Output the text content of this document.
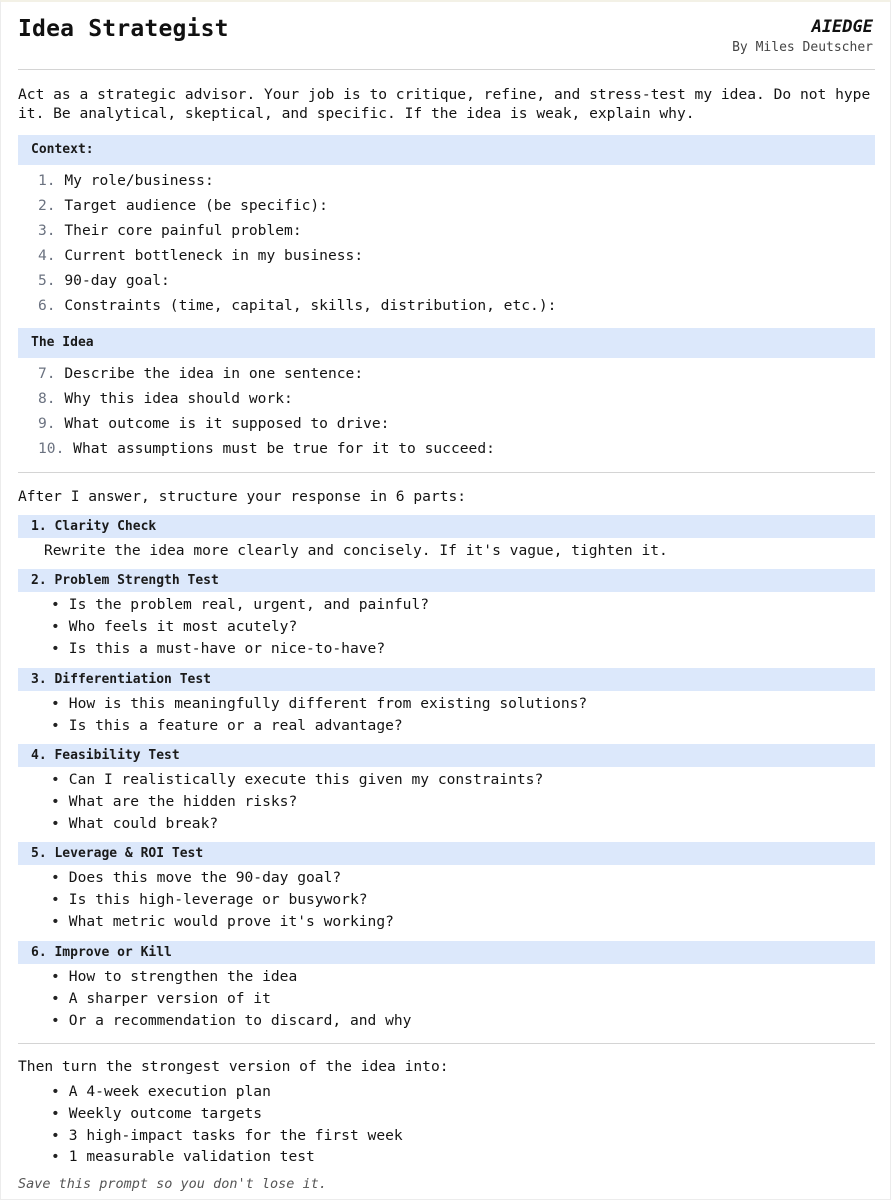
Idea Strategist	AIEDGE
By Miles Deutscher
Act as a strategic advisor. Your job is to critique, refine, and stress-test my idea. Do not hype it. Be analytical, skeptical, and specific. If the idea is weak, explain why.
Context:
1. My role/business:
2. Target audience (be specific):
3. Their core painful problem:
4. Current bottleneck in my business:
5. 90-day goal:
6. Constraints (time, capital, skills, distribution, etc.):
The Idea
7. Describe the idea in one sentence:
8. Why this idea should work:
9. What outcome is it supposed to drive:
10. What assumptions must be true for it to succeed:
After I answer, structure your response in 6 parts:
1. Clarity Check
Rewrite the idea more clearly and concisely. If it's vague, tighten it.
2. Problem Strength Test
• Is the problem real, urgent, and painful?
• Who feels it most acutely?
• Is this a must-have or nice-to-have?
3. Differentiation Test
• How is this meaningfully different from existing solutions?
• Is this a feature or a real advantage?
4. Feasibility Test
• Can I realistically execute this given my constraints?
• What are the hidden risks?
• What could break?
5. Leverage & ROI Test
• Does this move the 90-day goal?
• Is this high-leverage or busywork?
• What metric would prove it's working?
6. Improve or Kill
• How to strengthen the idea
• A sharper version of it
• Or a recommendation to discard, and why
Then turn the strongest version of the idea into:
• A 4-week execution plan
• Weekly outcome targets
• 3 high-impact tasks for the first week
• 1 measurable validation test
Save this prompt so you don't lose it.
